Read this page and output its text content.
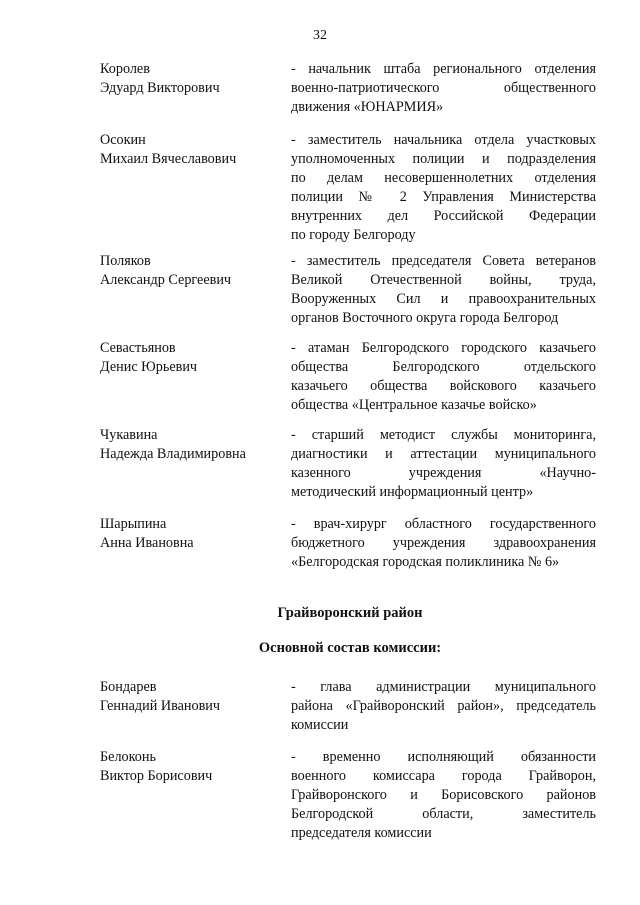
32
Королев
Эдуард Викторович
- начальник штаба регионального отделения
военно-патриотического общественного
движения «ЮНАРМИЯ»
Осокин
Михаил Вячеславович
- заместитель начальника отдела участковых
уполномоченных полиции и подразделения
по делам несовершеннолетних отделения
полиции № 2 Управления Министерства
внутренних дел Российской Федерации
по городу Белгороду
Поляков
Александр Сергеевич
- заместитель председателя Совета ветеранов
Великой Отечественной войны, труда,
Вооруженных Сил и правоохранительных
органов Восточного округа города Белгород
Севастьянов
Денис Юрьевич
- атаман Белгородского городского казачьего
общества Белгородского отдельского
казачьего общества войскового казачьего
общества «Центральное казачье войско»
Чукавина
Надежда Владимировна
- старший методист службы мониторинга,
диагностики и аттестации муниципального
казенного учреждения «Научно-
методический информационный центр»
Шарыпина
Анна Ивановна
- врач-хирург областного государственного
бюджетного учреждения здравоохранения
«Белгородская городская поликлиника № 6»
Грайворонский район
Основной состав комиссии:
Бондарев
Геннадий Иванович
- глава администрации муниципального
района «Грайворонский район», председатель
комиссии
Белоконь
Виктор Борисович
- временно исполняющий обязанности
военного комиссара города Грайворон,
Грайворонского и Борисовского районов
Белгородской области, заместитель
председателя комиссии
